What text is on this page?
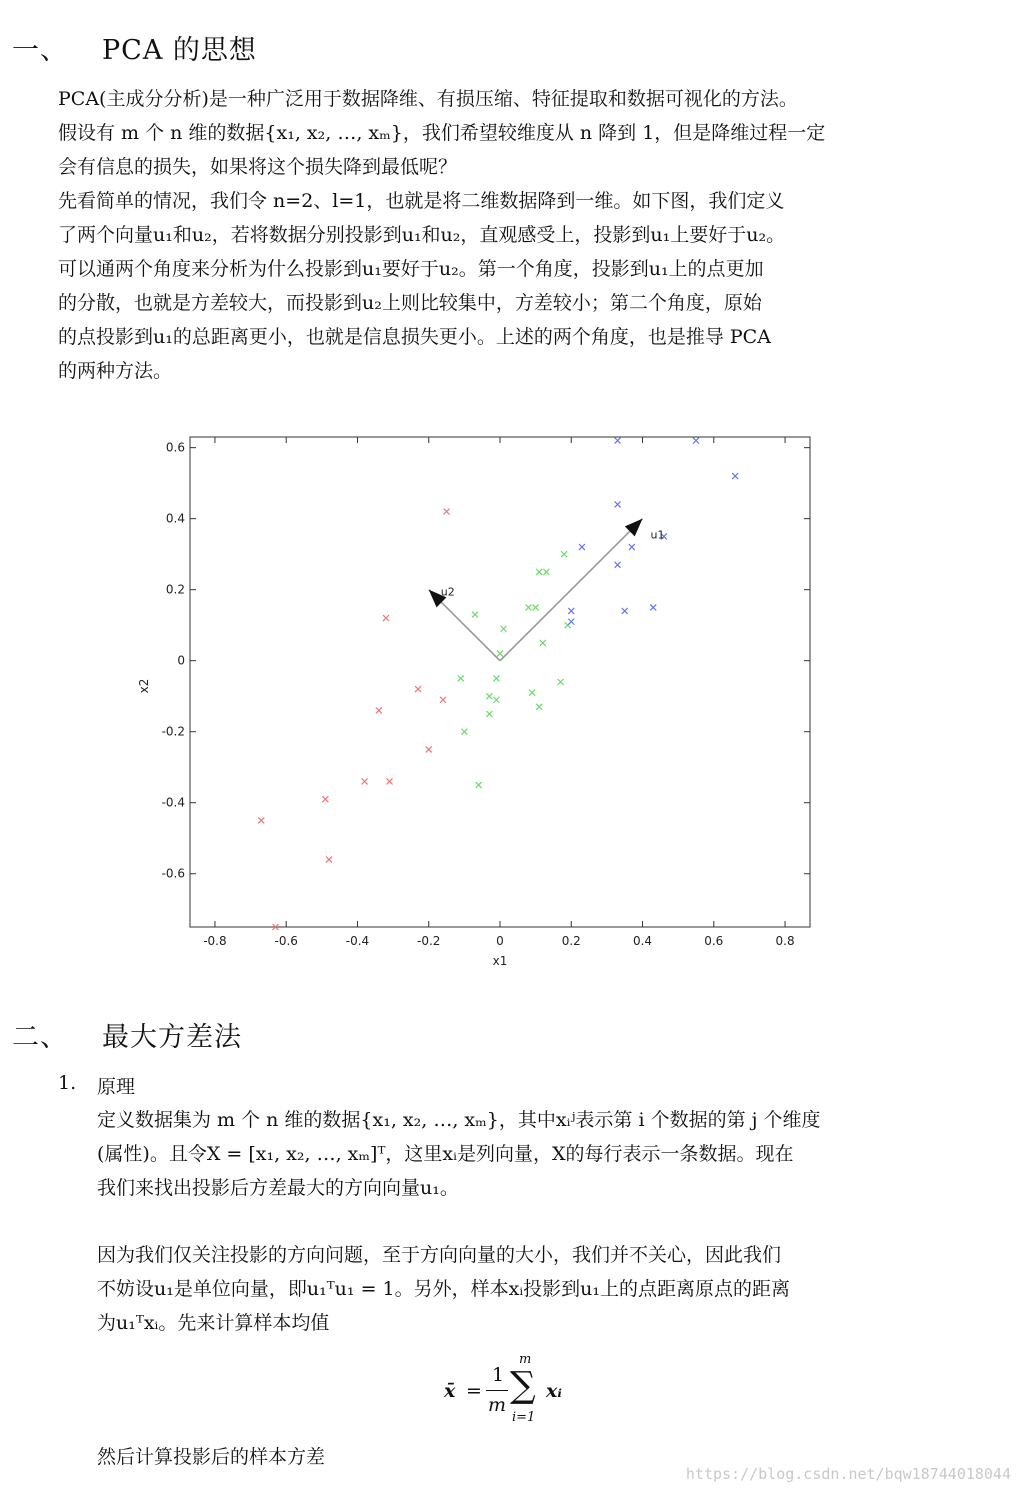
一、 PCA 的思想

PCA(主成分分析)是一种广泛用于数据降维、有损压缩、特征提取和数据可视化的方法。

假设有 m 个 n 维的数据{x₁, x₂, …, xₘ}，我们希望较维度从 n 降到 1，但是降维过程一定

会有信息的损失，如果将这个损失降到最低呢？

先看简单的情况，我们令 n=2、l=1，也就是将二维数据降到一维。如下图，我们定义

了两个向量u₁和u₂，若将数据分别投影到u₁和u₂，直观感受上，投影到u₁上要好于u₂。

可以通两个角度来分析为什么投影到u₁要好于u₂。第一个角度，投影到u₁上的点更加

的分散，也就是方差较大，而投影到u₂上则比较集中，方差较小；第二个角度，原始

的点投影到u₁的总距离更小，也就是信息损失更小。上述的两个角度，也是推导 PCA

的两种方法。

-0.8	-0.6	-0.4	-0.2	0	0.2	0.4	0.6	0.8
0.6
0.4
0.2
0
-0.2
-0.4
-0.6
x1
x2
u1
u2
二、 最大方差法
1. 原理

定义数据集为 m 个 n 维的数据{x₁, x₂, …, xₘ}，其中xᵢʲ表示第 i 个数据的第 j 个维度

(属性)。且令X = [x₁, x₂, …, xₘ]ᵀ，这里xᵢ是列向量，X的每行表示一条数据。现在

我们来找出投影后方差最大的方向向量u₁。

因为我们仅关注投影的方向问题，至于方向向量的大小，我们并不关心，因此我们

不妨设u₁是单位向量，即u₁ᵀu₁ = 1。另外，样本xᵢ投影到u₁上的点距离原点的距离

为u₁ᵀxᵢ。先来计算样本均值

x̄ =
1
m
m
∑
i=1
xᵢ

然后计算投影后的样本方差

https://blog.csdn.net/bqw18744018044
